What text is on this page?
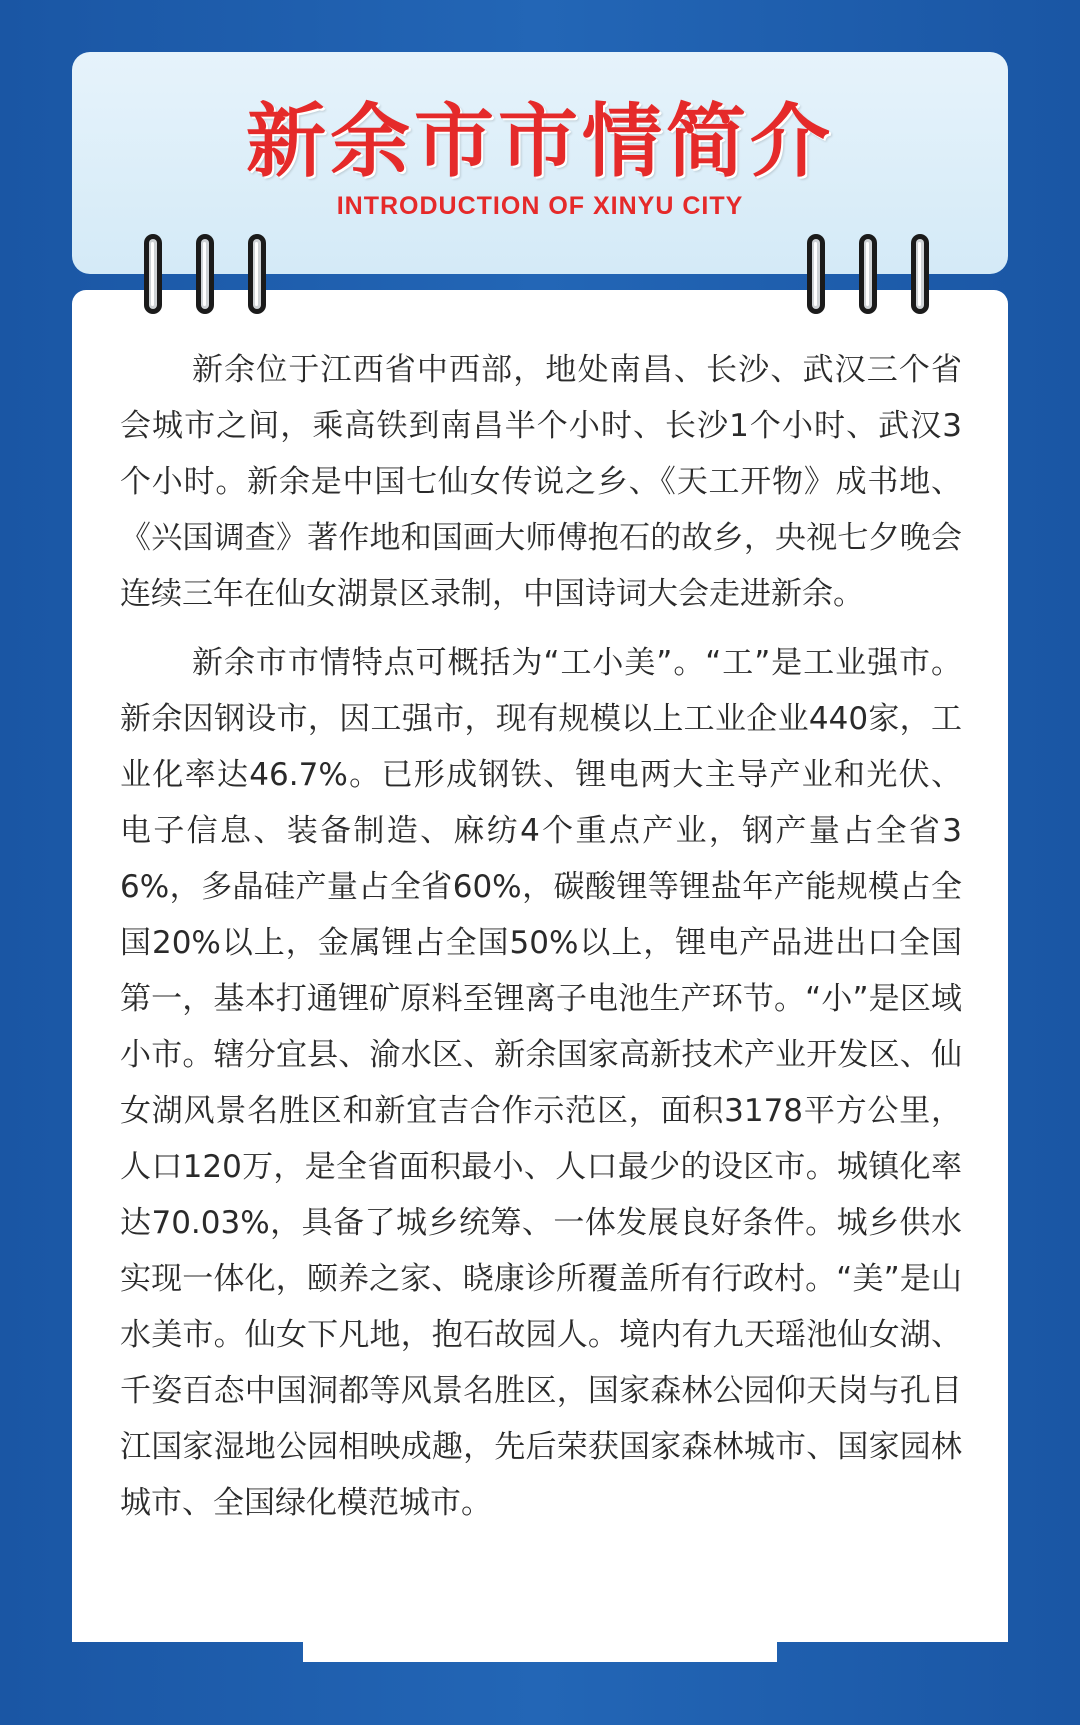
新余市市情简介
INTRODUCTION OF XINYU CITY

新余位于江西省中西部，地处南昌、长沙、武汉三个省会城市之间，乘高铁到南昌半个小时、长沙1个小时、武汉3个小时。新余是中国七仙女传说之乡、《天工开物》成书地、《兴国调查》著作地和国画大师傅抱石的故乡，央视七夕晚会连续三年在仙女湖景区录制，中国诗词大会走进新余。

新余市市情特点可概括为“工小美”。“工”是工业强市。新余因钢设市，因工强市，现有规模以上工业企业440家，工业化率达46.7%。已形成钢铁、锂电两大主导产业和光伏、电子信息、装备制造、麻纺4个重点产业，钢产量占全省36%，多晶硅产量占全省60%，碳酸锂等锂盐年产能规模占全国20%以上，金属锂占全国50%以上，锂电产品进出口全国第一，基本打通锂矿原料至锂离子电池生产环节。“小”是区域小市。辖分宜县、渝水区、新余国家高新技术产业开发区、仙女湖风景名胜区和新宜吉合作示范区，面积3178平方公里，人口120万，是全省面积最小、人口最少的设区市。城镇化率达70.03%，具备了城乡统筹、一体发展良好条件。城乡供水实现一体化，颐养之家、晓康诊所覆盖所有行政村。“美”是山水美市。仙女下凡地，抱石故园人。境内有九天瑶池仙女湖、千姿百态中国洞都等风景名胜区，国家森林公园仰天岗与孔目江国家湿地公园相映成趣，先后荣获国家森林城市、国家园林城市、全国绿化模范城市。
